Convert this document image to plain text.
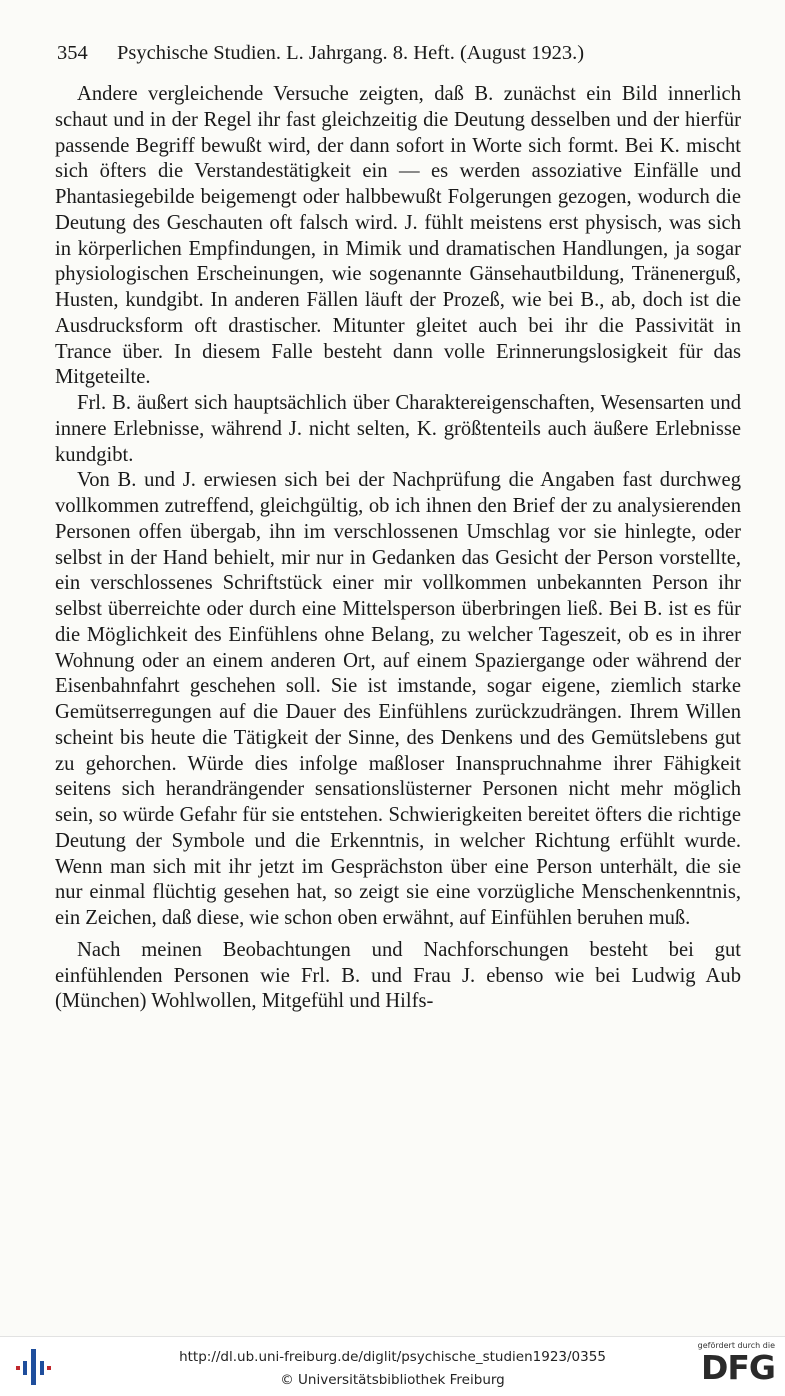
354 Psychische Studien. L. Jahrgang. 8. Heft. (August 1923.)

Andere vergleichende Versuche zeigten, daß B. zunächst ein Bild innerlich schaut und in der Regel ihr fast gleichzeitig die Deutung desselben und der hierfür passende Begriff bewußt wird, der dann sofort in Worte sich formt. Bei K. mischt sich öfters die Verstandestätigkeit ein — es werden assoziative Einfälle und Phantasiegebilde beigemengt oder halbbewußt Folgerungen gezogen, wodurch die Deutung des Geschauten oft falsch wird. J. fühlt meistens erst physisch, was sich in körperlichen Empfindungen, in Mimik und dramatischen Handlungen, ja sogar physiologischen Erscheinungen, wie sogenannte Gänsehautbildung, Tränenerguß, Husten, kundgibt. In anderen Fällen läuft der Prozeß, wie bei B., ab, doch ist die Ausdrucksform oft drastischer. Mitunter gleitet auch bei ihr die Passivität in Trance über. In diesem Falle besteht dann volle Erinnerungslosigkeit für das Mitgeteilte.

Frl. B. äußert sich hauptsächlich über Charaktereigenschaften, Wesensarten und innere Erlebnisse, während J. nicht selten, K. größtenteils auch äußere Erlebnisse kundgibt.

Von B. und J. erwiesen sich bei der Nachprüfung die Angaben fast durchweg vollkommen zutreffend, gleichgültig, ob ich ihnen den Brief der zu analysierenden Personen offen übergab, ihn im verschlossenen Umschlag vor sie hinlegte, oder selbst in der Hand behielt, mir nur in Gedanken das Gesicht der Person vorstellte, ein verschlossenes Schriftstück einer mir vollkommen unbekannten Person ihr selbst überreichte oder durch eine Mittelsperson überbringen ließ. Bei B. ist es für die Möglichkeit des Einfühlens ohne Belang, zu welcher Tageszeit, ob es in ihrer Wohnung oder an einem anderen Ort, auf einem Spaziergange oder während der Eisenbahnfahrt geschehen soll. Sie ist imstande, sogar eigene, ziemlich starke Gemütserregungen auf die Dauer des Einfühlens zurückzudrängen. Ihrem Willen scheint bis heute die Tätigkeit der Sinne, des Denkens und des Gemütslebens gut zu gehorchen. Würde dies infolge maßloser Inanspruchnahme ihrer Fähigkeit seitens sich herandrängender sensationslüsterner Personen nicht mehr möglich sein, so würde Gefahr für sie entstehen. Schwierigkeiten bereitet öfters die richtige Deutung der Symbole und die Erkenntnis, in welcher Richtung erfühlt wurde. Wenn man sich mit ihr jetzt im Gesprächston über eine Person unterhält, die sie nur einmal flüchtig gesehen hat, so zeigt sie eine vorzügliche Menschenkenntnis, ein Zeichen, daß diese, wie schon oben erwähnt, auf Einfühlen beruhen muß.

Nach meinen Beobachtungen und Nachforschungen besteht bei gut einfühlenden Personen wie Frl. B. und Frau J. ebenso wie bei Ludwig Aub (München) Wohlwollen, Mitgefühl und Hilfs-

http://dl.ub.uni-freiburg.de/diglit/psychische_studien1923/0355
© Universitätsbibliothek Freiburg
gefördert durch die
DFG
